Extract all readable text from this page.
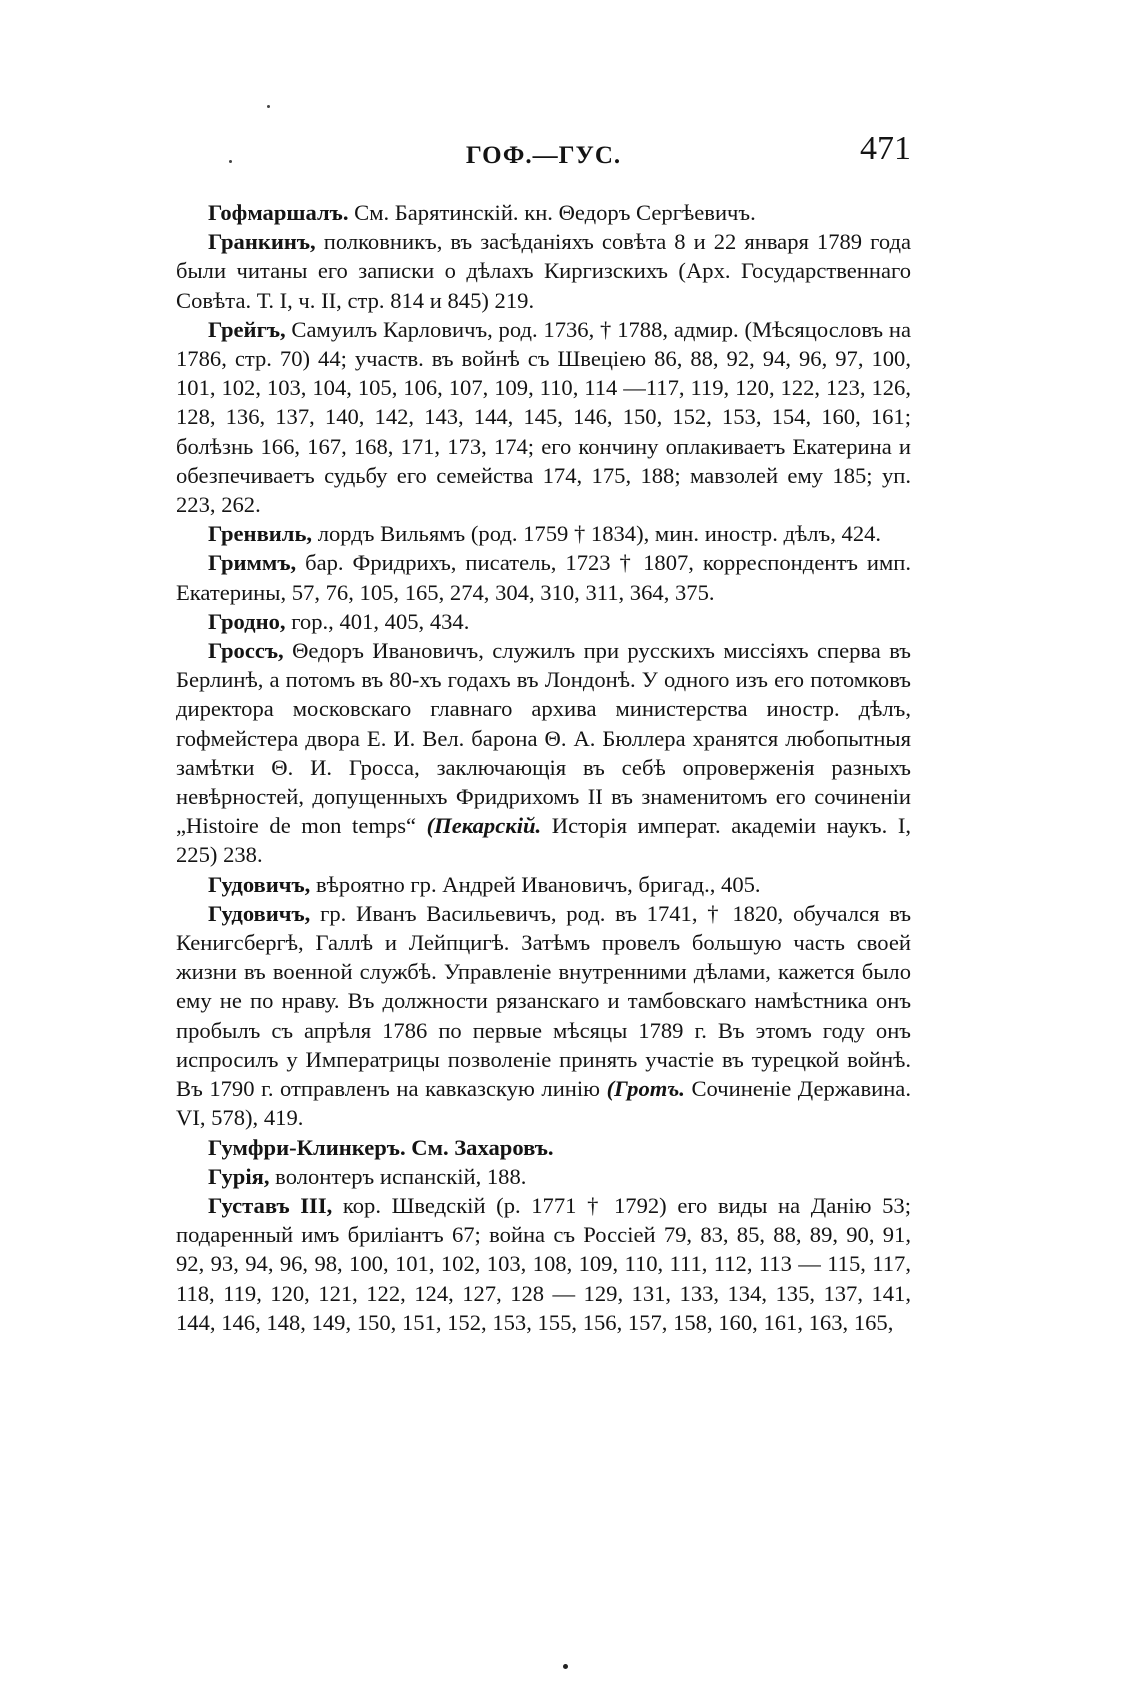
ГОФ.—ГУС.	471

Гофмаршалъ. См. Барятинскій. кн. Θедоръ Сергѣевичъ.

Гранкинъ, полковникъ, въ засѣданіяхъ совѣта 8 и 22 января 1789 года были читаны его записки о дѣлахъ Киргизскихъ (Арх. Государственнаго Совѣта. Т. I, ч. II, стр. 814 и 845) 219.

Грейгъ, Самуилъ Карловичъ, род. 1736, † 1788, адмир. (Мѣсяцословъ на 1786, стр. 70) 44; участв. въ войнѣ съ Швеціею 86, 88, 92, 94, 96, 97, 100, 101, 102, 103, 104, 105, 106, 107, 109, 110, 114 —117, 119, 120, 122, 123, 126, 128, 136, 137, 140, 142, 143, 144, 145, 146, 150, 152, 153, 154, 160, 161; болѣзнь 166, 167, 168, 171, 173, 174; его кончину оплакиваетъ Екатерина и обезпечиваетъ судьбу его семейства 174, 175, 188; мавзолей ему 185; уп. 223, 262.

Гренвиль, лордъ Вильямъ (род. 1759 † 1834), мин. иностр. дѣлъ, 424.

Гриммъ, бар. Фридрихъ, писатель, 1723 † 1807, корреспондентъ имп. Екатерины, 57, 76, 105, 165, 274, 304, 310, 311, 364, 375.

Гродно, гор., 401, 405, 434.

Гроссъ, Θедоръ Ивановичъ, служилъ при русскихъ миссіяхъ сперва въ Берлинѣ, а потомъ въ 80-хъ годахъ въ Лондонѣ. У одного изъ его потомковъ директора московскаго главнаго архива министерства иностр. дѣлъ, гофмейстера двора Е. И. Вел. барона Θ. А. Бюллера хранятся любопытныя замѣтки Θ. И. Гросса, заключающія въ себѣ опроверженія разныхъ невѣрностей, допущенныхъ Фридрихомъ II въ знаменитомъ его сочиненіи „Histoire de mon temps“ (Пекарскій. Исторія императ. академіи наукъ. I, 225) 238.

Гудовичъ, вѣроятно гр. Андрей Ивановичъ, бригад., 405.

Гудовичъ, гр. Иванъ Васильевичъ, род. въ 1741, † 1820, обучался въ Кенигсбергѣ, Галлѣ и Лейпцигѣ. Затѣмъ провелъ большую часть своей жизни въ военной службѣ. Управленіе внутренними дѣлами, кажется было ему не по нраву. Въ должности рязанскаго и тамбовскаго намѣстника онъ пробылъ съ апрѣля 1786 по первые мѣсяцы 1789 г. Въ этомъ году онъ испросилъ у Императрицы позволеніе принять участіе въ турецкой войнѣ. Въ 1790 г. отправленъ на кавказскую линію (Гротъ. Сочиненіе Державина. VI, 578), 419.

Гумфри-Клинкеръ. См. Захаровъ.

Гурія, волонтеръ испанскій, 188.

Густавъ III, кор. Шведскій (р. 1771 † 1792) его виды на Данію 53; подаренный имъ бриліантъ 67; война съ Россіей 79, 83, 85, 88, 89, 90, 91, 92, 93, 94, 96, 98, 100, 101, 102, 103, 108, 109, 110, 111, 112, 113 — 115, 117, 118, 119, 120, 121, 122, 124, 127, 128 — 129, 131, 133, 134, 135, 137, 141, 144, 146, 148, 149, 150, 151, 152, 153, 155, 156, 157, 158, 160, 161, 163, 165,
